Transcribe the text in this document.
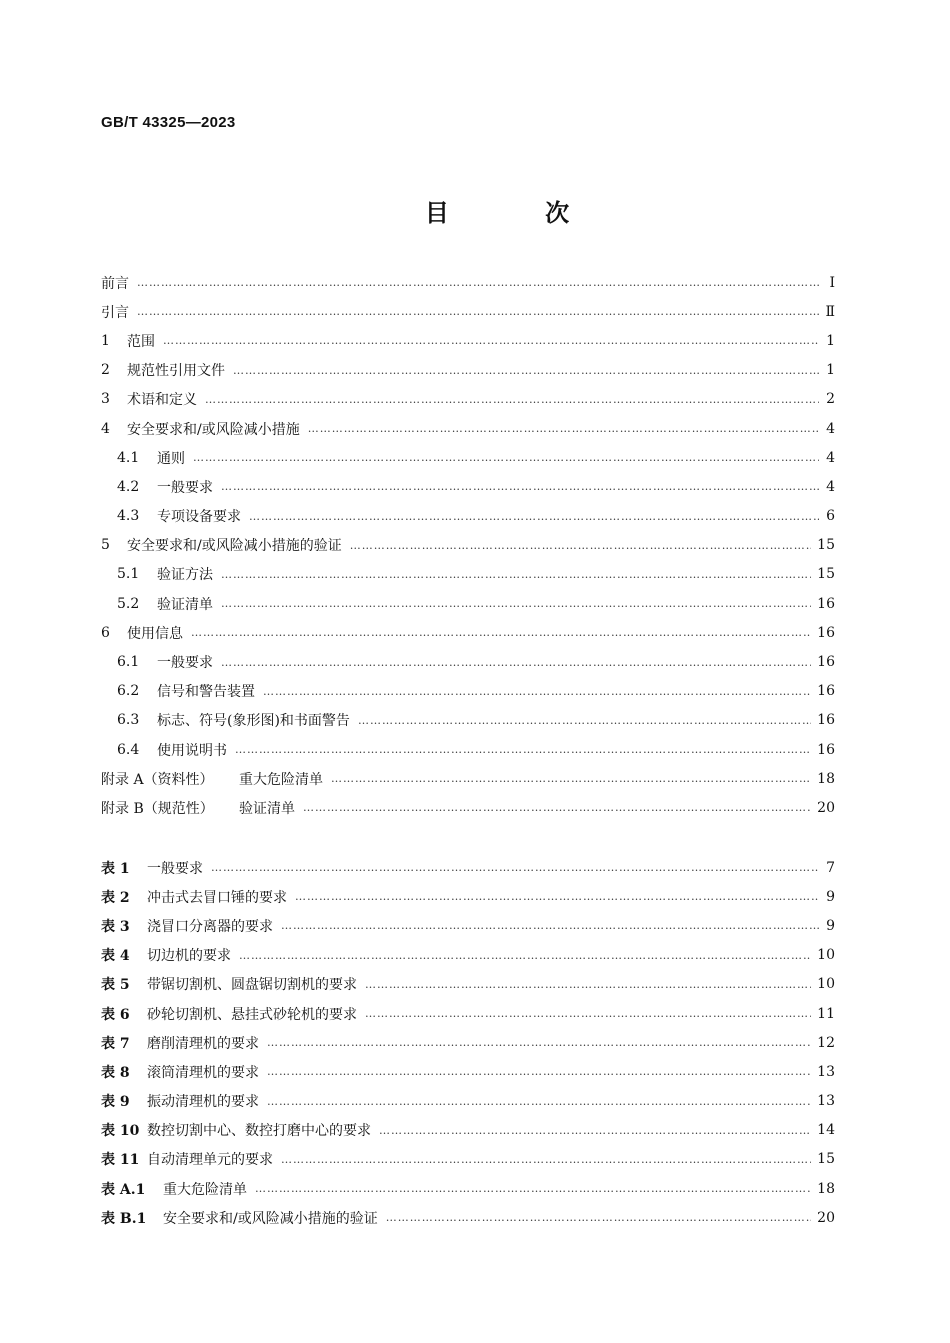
GB/T 43325—2023
目 次
前言 ……………………………………………………………………………………………………………………………………………………………………………………	Ⅰ
引言 ……………………………………………………………………………………………………………………………………………………………………………………	Ⅱ
1	范围 ……………………………………………………………………………………………………………………………………………………………………………………	1
2	规范性引用文件 ……………………………………………………………………………………………………………………………………………………………………………………	1
3	术语和定义 ……………………………………………………………………………………………………………………………………………………………………………………	2
4	安全要求和/或风险减小措施 ……………………………………………………………………………………………………………………………………………………………………………………	4
4.1	通则 ……………………………………………………………………………………………………………………………………………………………………………………	4
4.2	一般要求 ……………………………………………………………………………………………………………………………………………………………………………………	4
4.3	专项设备要求 ……………………………………………………………………………………………………………………………………………………………………………………	6
5	安全要求和/或风险减小措施的验证 ……………………………………………………………………………………………………………………………………………………………………………………	15
5.1	验证方法 ……………………………………………………………………………………………………………………………………………………………………………………	15
5.2	验证清单 ……………………………………………………………………………………………………………………………………………………………………………………	16
6	使用信息 ……………………………………………………………………………………………………………………………………………………………………………………	16
6.1	一般要求 ……………………………………………………………………………………………………………………………………………………………………………………	16
6.2	信号和警告装置 ……………………………………………………………………………………………………………………………………………………………………………………	16
6.3	标志、符号(象形图)和书面警告 ……………………………………………………………………………………………………………………………………………………………………………………	16
6.4	使用说明书 ……………………………………………………………………………………………………………………………………………………………………………………	16
附录 A（资料性）	重大危险清单 ……………………………………………………………………………………………………………………………………………………………………………………	18
附录 B（规范性）	验证清单 ……………………………………………………………………………………………………………………………………………………………………………………	20
表 1	一般要求 ……………………………………………………………………………………………………………………………………………………………………………………	7
表 2	冲击式去冒口锤的要求 ……………………………………………………………………………………………………………………………………………………………………………………	9
表 3	浇冒口分离器的要求 ……………………………………………………………………………………………………………………………………………………………………………………	9
表 4	切边机的要求 ……………………………………………………………………………………………………………………………………………………………………………………	10
表 5	带锯切割机、圆盘锯切割机的要求 ……………………………………………………………………………………………………………………………………………………………………………………	10
表 6	砂轮切割机、悬挂式砂轮机的要求 ……………………………………………………………………………………………………………………………………………………………………………………	11
表 7	磨削清理机的要求 ……………………………………………………………………………………………………………………………………………………………………………………	12
表 8	滚筒清理机的要求 ……………………………………………………………………………………………………………………………………………………………………………………	13
表 9	振动清理机的要求 ……………………………………………………………………………………………………………………………………………………………………………………	13
表 10 数控切割中心、数控打磨中心的要求 ……………………………………………………………………………………………………………………………………………………………………………………	14
表 11 自动清理单元的要求 ……………………………………………………………………………………………………………………………………………………………………………………	15
表 A.1	重大危险清单 ……………………………………………………………………………………………………………………………………………………………………………………	18
表 B.1	安全要求和/或风险减小措施的验证 ……………………………………………………………………………………………………………………………………………………………………………………	20
